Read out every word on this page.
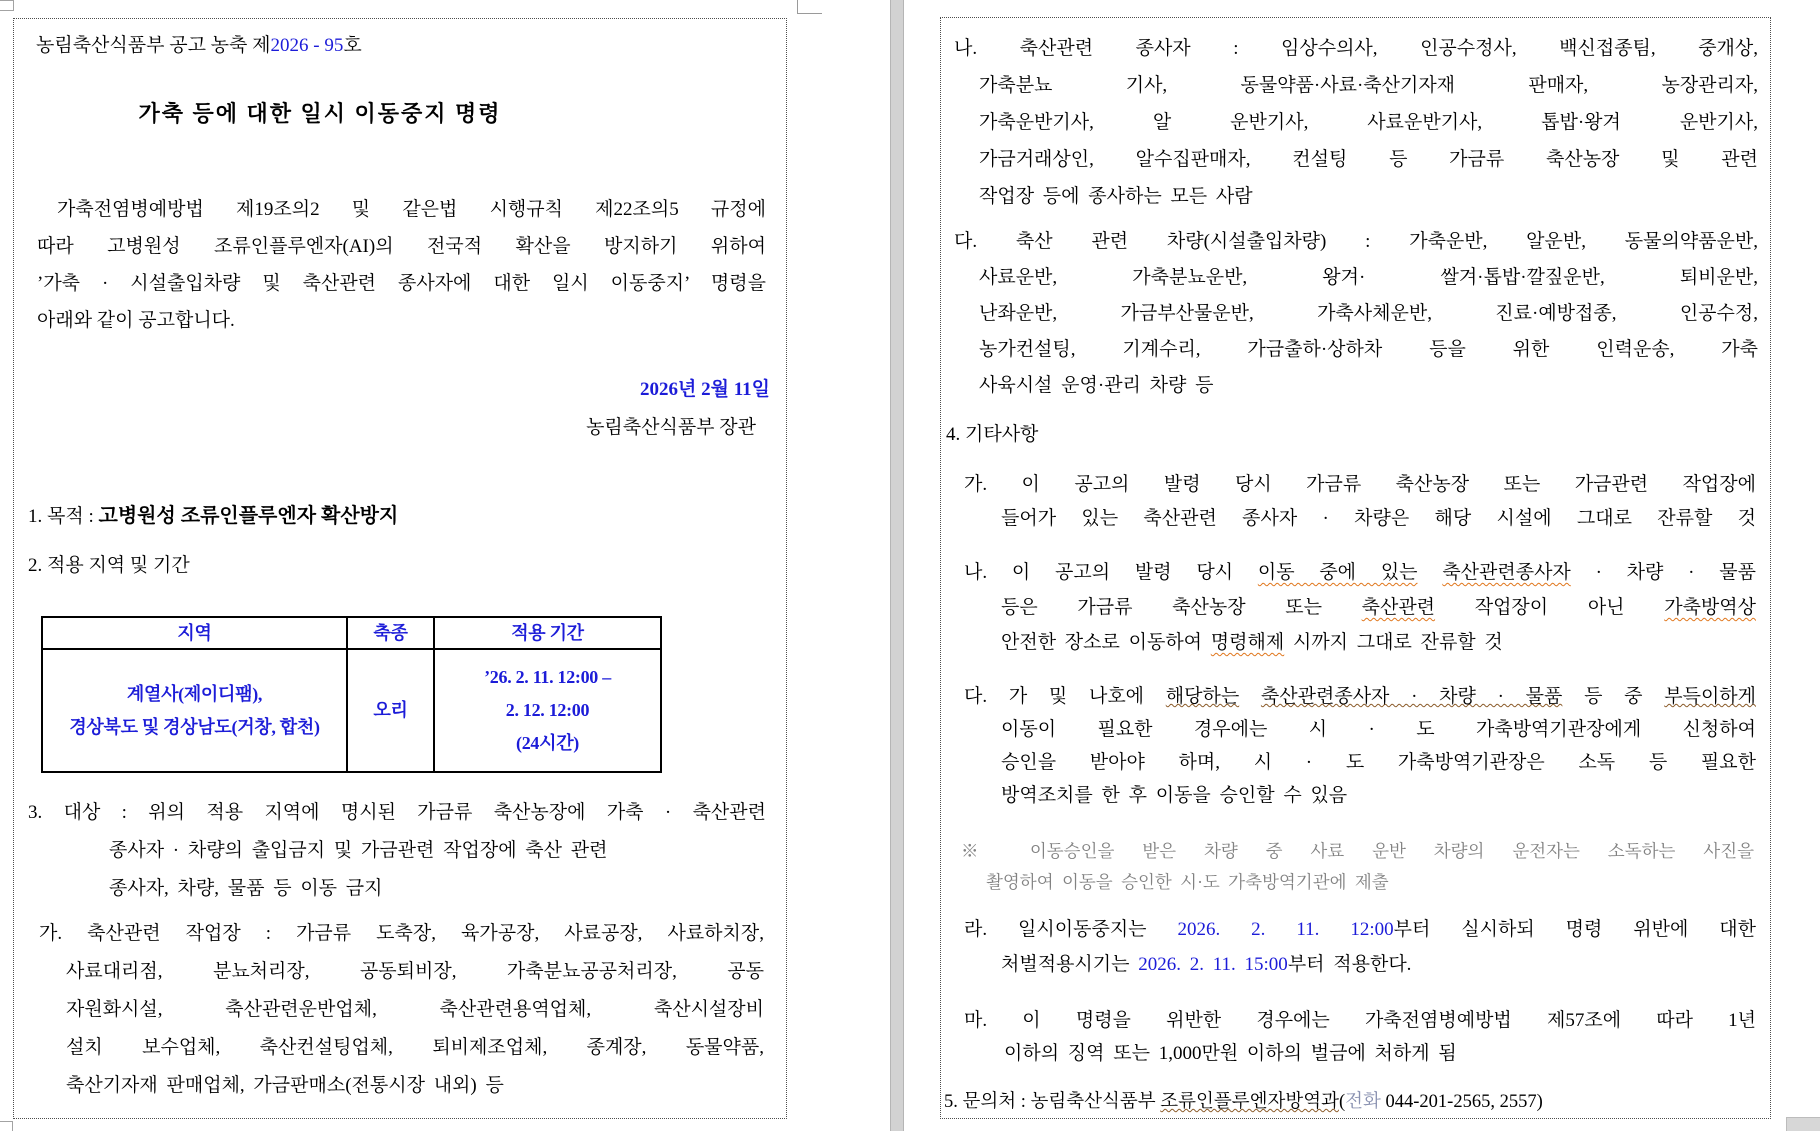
농림축산식품부 공고 농축 제2026 - 95호
가축 등에 대한 일시 이동중지 명령
가축전염병예방법 제19조의2 및 같은법 시행규칙 제22조의5 규정에
따라 고병원성 조류인플루엔자(AI)의 전국적 확산을 방지하기 위하여
’가축 · 시설출입차량 및 축산관련 종사자에 대한 일시 이동중지’ 명령을
아래와 같이 공고합니다.
2026년 2월 11일
농림축산식품부 장관
1. 목적 : 고병원성 조류인플루엔자 확산방지
2. 적용 지역 및 기간
지역	축종	적용 기간
계열사(제이디팸),
경상북도 및 경상남도(거창, 합천)
오리
’26. 2. 11. 12:00 –
2. 12. 12:00
(24시간)
3. 대상 : 위의 적용 지역에 명시된 가금류 축산농장에 가축 · 축산관련
종사자 · 차량의 출입금지 및 가금관련 작업장에 축산 관련
종사자, 차량, 물품 등 이동 금지
가. 축산관련 작업장 : 가금류 도축장, 육가공장, 사료공장, 사료하치장,
사료대리점, 분뇨처리장, 공동퇴비장, 가축분뇨공공처리장, 공동
자원화시설, 축산관련운반업체, 축산관련용역업체, 축산시설장비
설치 보수업체, 축산컨설팅업체, 퇴비제조업체, 종계장, 동물약품,
축산기자재 판매업체, 가금판매소(전통시장 내외) 등
나. 축산관련 종사자 : 임상수의사, 인공수정사, 백신접종팀, 중개상,
가축분뇨 기사, 동물약품·사료·축산기자재 판매자, 농장관리자,
가축운반기사, 알 운반기사, 사료운반기사, 톱밥·왕겨 운반기사,
가금거래상인, 알수집판매자, 컨설팅 등 가금류 축산농장 및 관련
작업장 등에 종사하는 모든 사람
다. 축산 관련 차량(시설출입차량) : 가축운반, 알운반, 동물의약품운반,
사료운반, 가축분뇨운반, 왕겨· 쌀겨·톱밥·깔짚운반, 퇴비운반,
난좌운반, 가금부산물운반, 가축사체운반, 진료·예방접종, 인공수정,
농가컨설팅, 기계수리, 가금출하·상하차 등을 위한 인력운송, 가축
사육시설 운영·관리 차량 등
4. 기타사항
가. 이 공고의 발령 당시 가금류 축산농장 또는 가금관련 작업장에
들어가 있는 축산관련 종사자 · 차량은 해당 시설에 그대로 잔류할 것
나. 이 공고의 발령 당시 이동 중에 있는 축산관련종사자 · 차량 · 물품
등은 가금류 축산농장 또는 축산관련 작업장이 아닌 가축방역상
안전한 장소로 이동하여 명령해제 시까지 그대로 잔류할 것
다. 가 및 나호에 해당하는 축산관련종사자 · 차량 · 물품 등 중 부득이하게
이동이 필요한 경우에는 시 · 도 가축방역기관장에게 신청하여
승인을 받아야 하며, 시 · 도 가축방역기관장은 소독 등 필요한
방역조치를 한 후 이동을 승인할 수 있음
※ 이동승인을 받은 차량 중 사료 운반 차량의 운전자는 소독하는 사진을
촬영하여 이동을 승인한 시·도 가축방역기관에 제출
라. 일시이동중지는 2026. 2. 11. 12:00부터 실시하되 명령 위반에 대한
처벌적용시기는 2026. 2. 11. 15:00부터 적용한다.
마. 이 명령을 위반한 경우에는 가축전염병예방법 제57조에 따라 1년
이하의 징역 또는 1,000만원 이하의 벌금에 처하게 됨
5. 문의처 : 농림축산식품부 조류인플루엔자방역과(전화 044-201-2565, 2557)
